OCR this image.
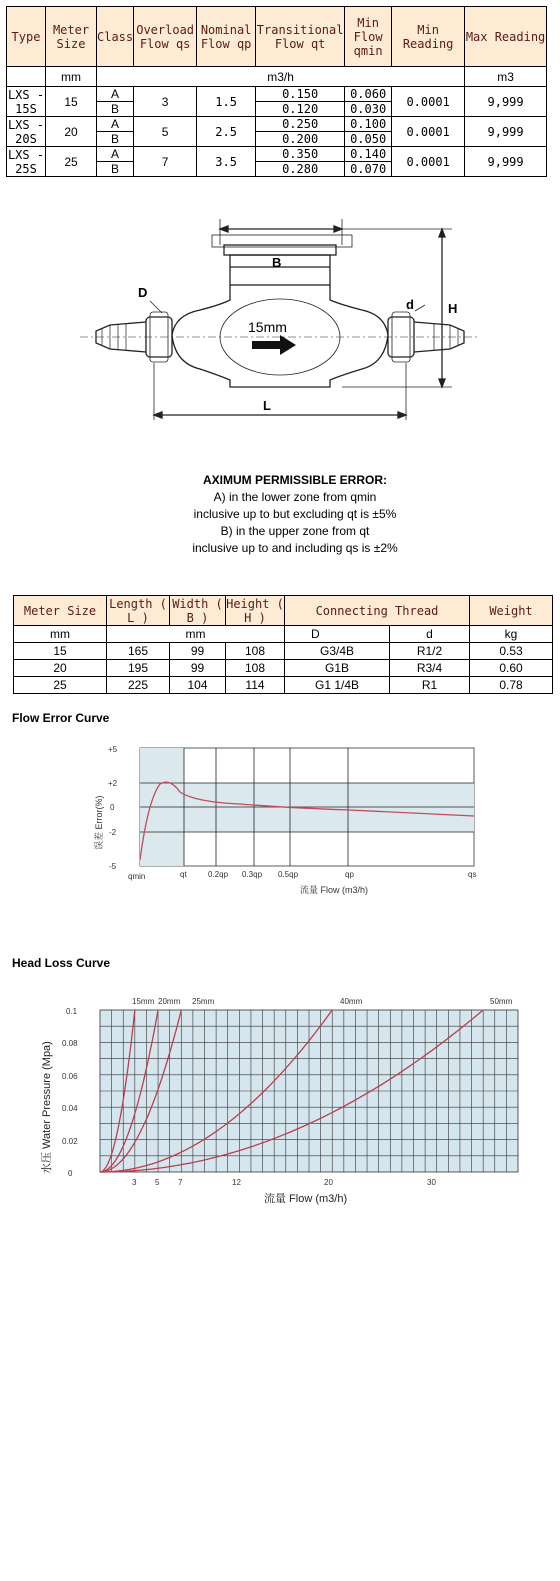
Type	Meter Size	Class	Overload Flow qs	Nominal Flow qp	Transitional Flow qt	Min Flow qmin	Min Reading	Max Reading
	mm	m3/h						m3
LXS - 15S	15	A	3	1.5	0.150	0.060	0.0001	9,999
		B			0.120	0.030		
LXS - 20S	20	A	5	2.5	0.250	0.100	0.0001	9,999
		B			0.200	0.050		
LXS - 25S	25	A	7	3.5	0.350	0.140	0.0001	9,999
		B			0.280	0.070		
B
D
d	H
L
15mm
AXIMUM PERMISSIBLE ERROR:
A) in the lower zone from qmin
inclusive up to but excluding qt is ±5%
B) in the upper zone from qt
inclusive up to and including qs is ±2%
Meter Size	Length ( L )	Width ( B )	Height ( H )	Connecting Thread		Weight
mm	mm			D	d	kg
15	165	99	108	G3/4B	R1/2	0.53
20	195	99	108	G1B	R3/4	0.60
25	225	104	114	G1 1/4B	R1	0.78
Flow Error Curve
+5
+2
0
-2
-5
qmin	qt	0.2qp 0.3qp 0.5qp	qp	qs
误差 Error(%)
流量 Flow (m3/h)
Head Loss Curve
0.1
0.08
0.06
0.04
0.02
0
3 5 7	12	20	30
15mm 20mm 25mm	40mm	50mm
水压 Water Pressure (Mpa)
流量 Flow (m3/h)
